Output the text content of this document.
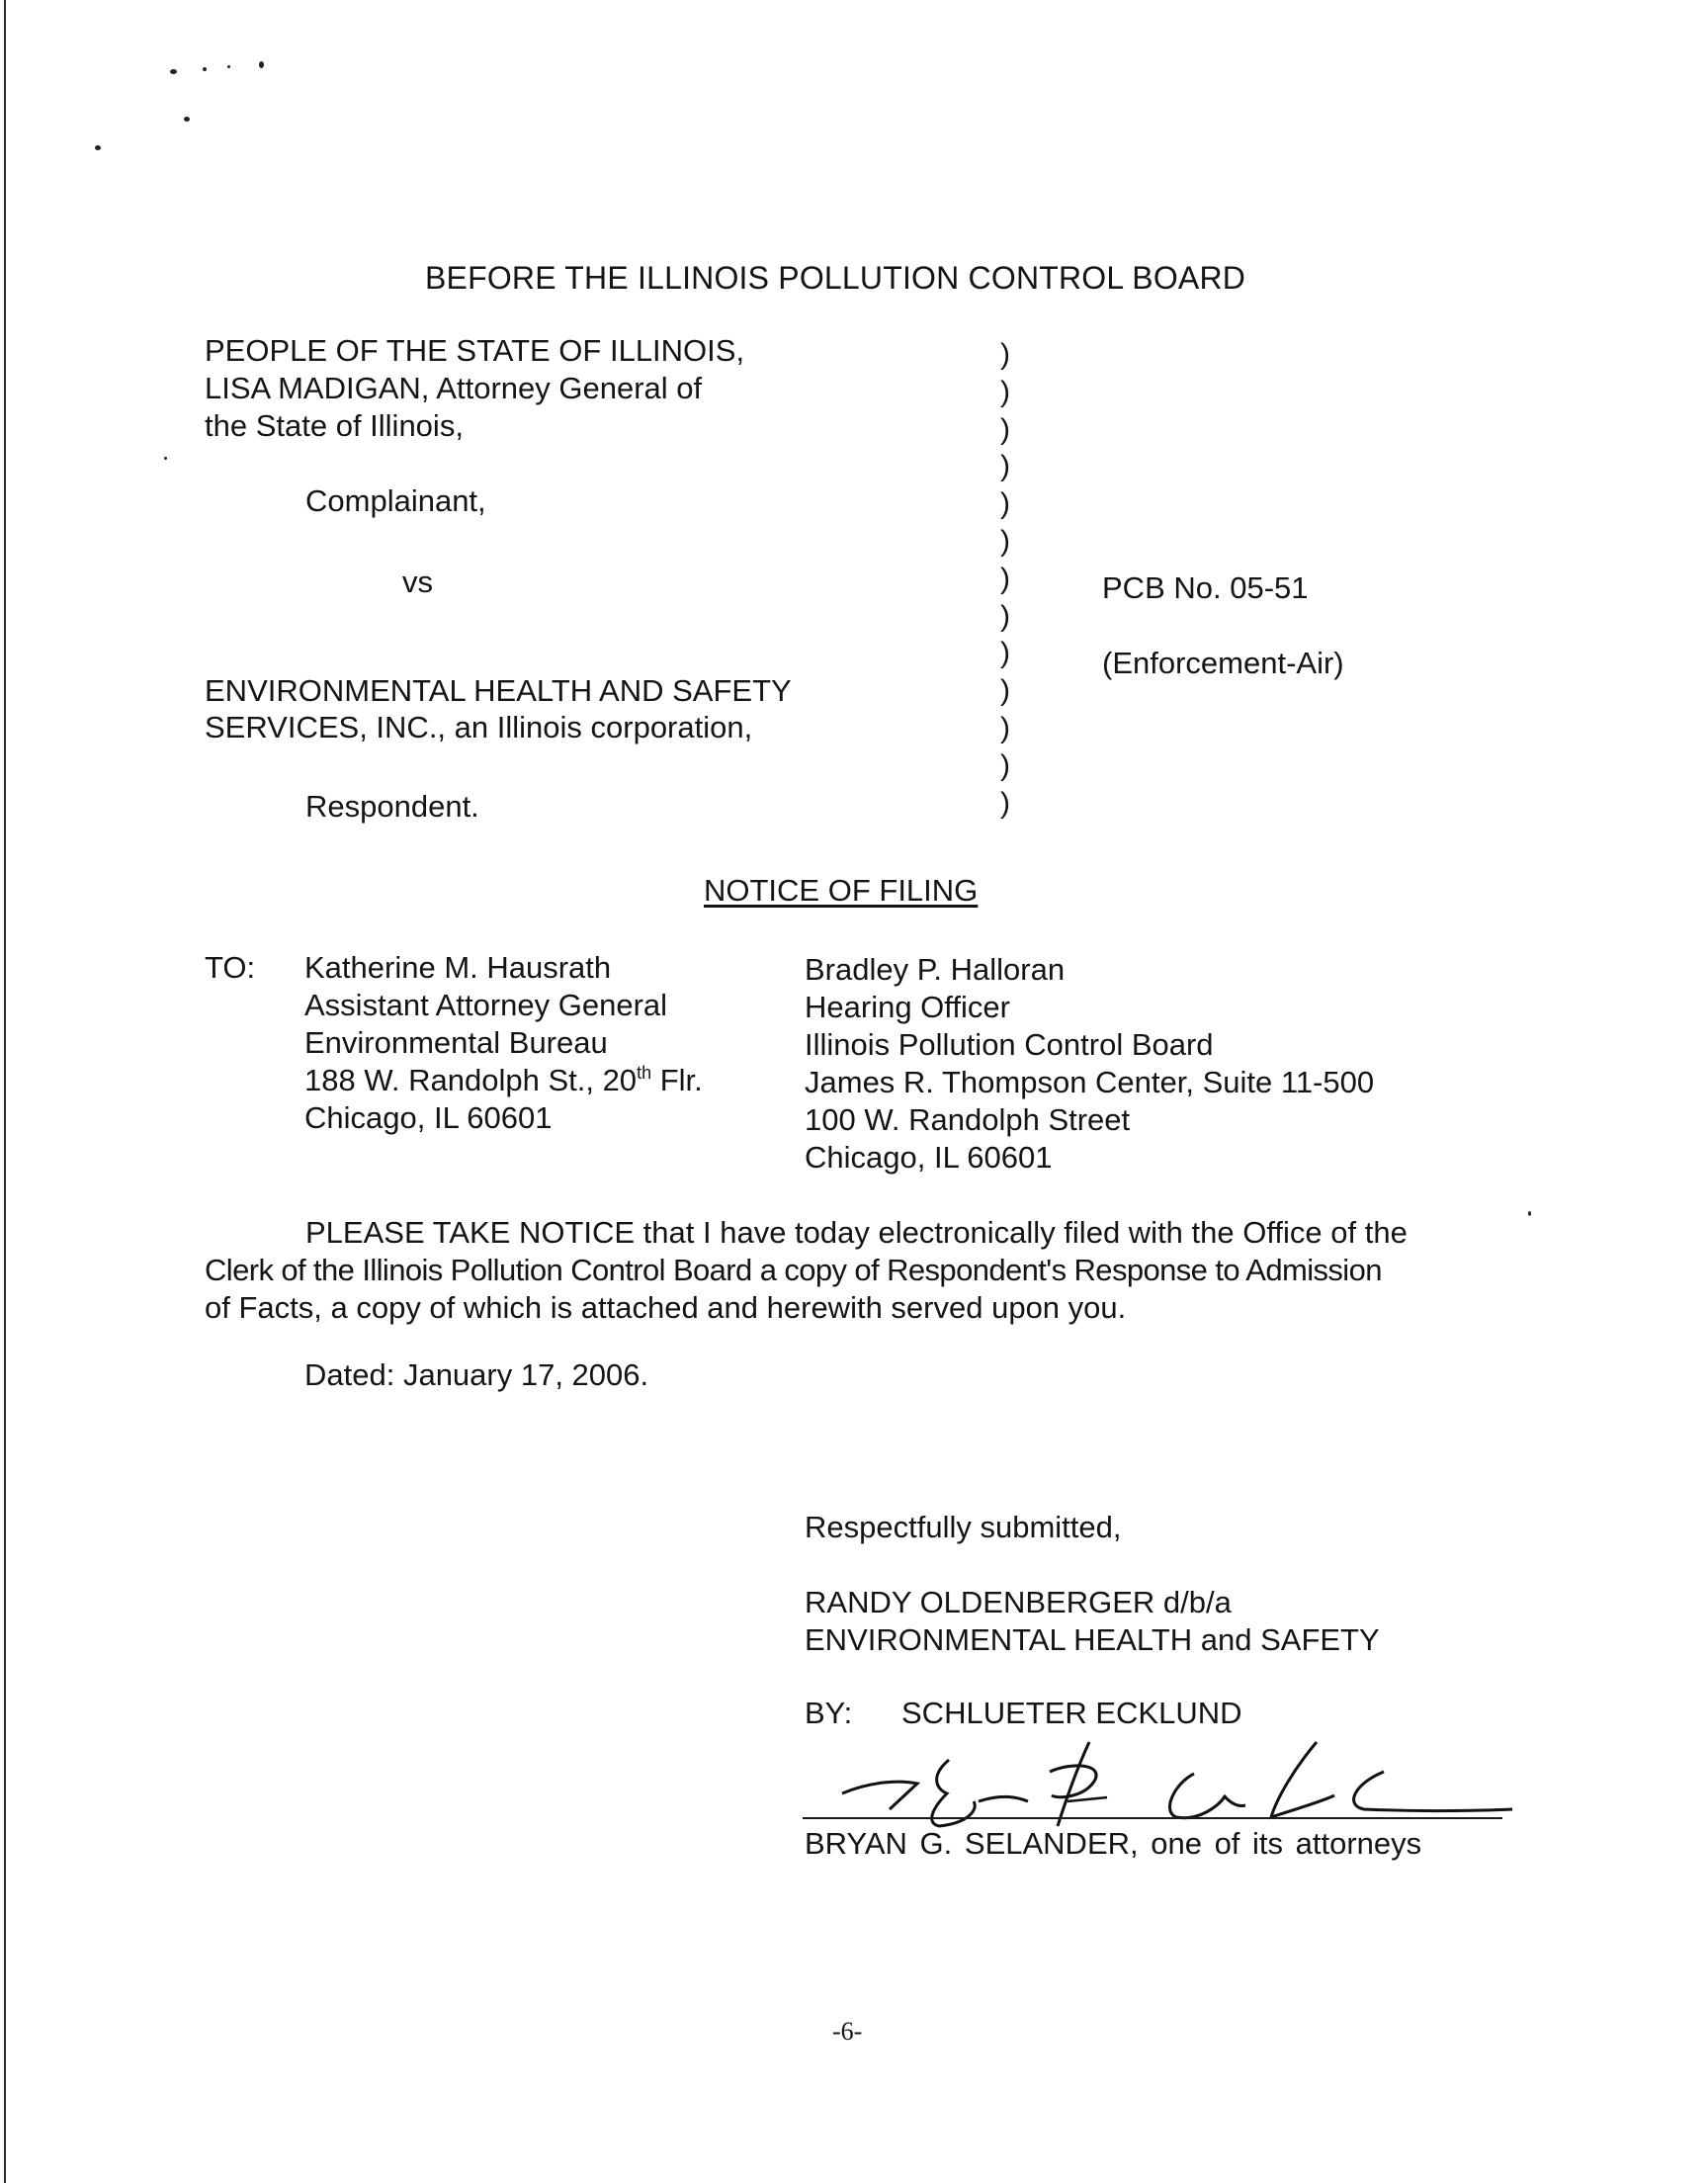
BEFORE THE ILLINOIS POLLUTION CONTROL BOARD
PEOPLE OF THE STATE OF ILLINOIS,
LISA MADIGAN, Attorney General of
the State of Illinois,
Complainant,
vs
ENVIRONMENTAL HEALTH AND SAFETY
SERVICES, INC., an Illinois corporation,
Respondent.
)
)
)
)
)
)
)
)
)
)
)
)
)
PCB No. 05-51
(Enforcement-Air)
NOTICE OF FILING
TO: Katherine M. Hausrath
Assistant Attorney General
Environmental Bureau
188 W. Randolph St., 20th Flr.
Chicago, IL 60601
Bradley P. Halloran
Hearing Officer
Illinois Pollution Control Board
James R. Thompson Center, Suite 11-500
100 W. Randolph Street
Chicago, IL 60601
PLEASE TAKE NOTICE that I have today electronically filed with the Office of the
Clerk of the Illinois Pollution Control Board a copy of Respondent's Response to Admission
of Facts, a copy of which is attached and herewith served upon you.
Dated: January 17, 2006.
Respectfully submitted,
RANDY OLDENBERGER d/b/a
ENVIRONMENTAL HEALTH and SAFETY
BY: SCHLUETER ECKLUND
BRYAN G. SELANDER, one of its attorneys
-6-
